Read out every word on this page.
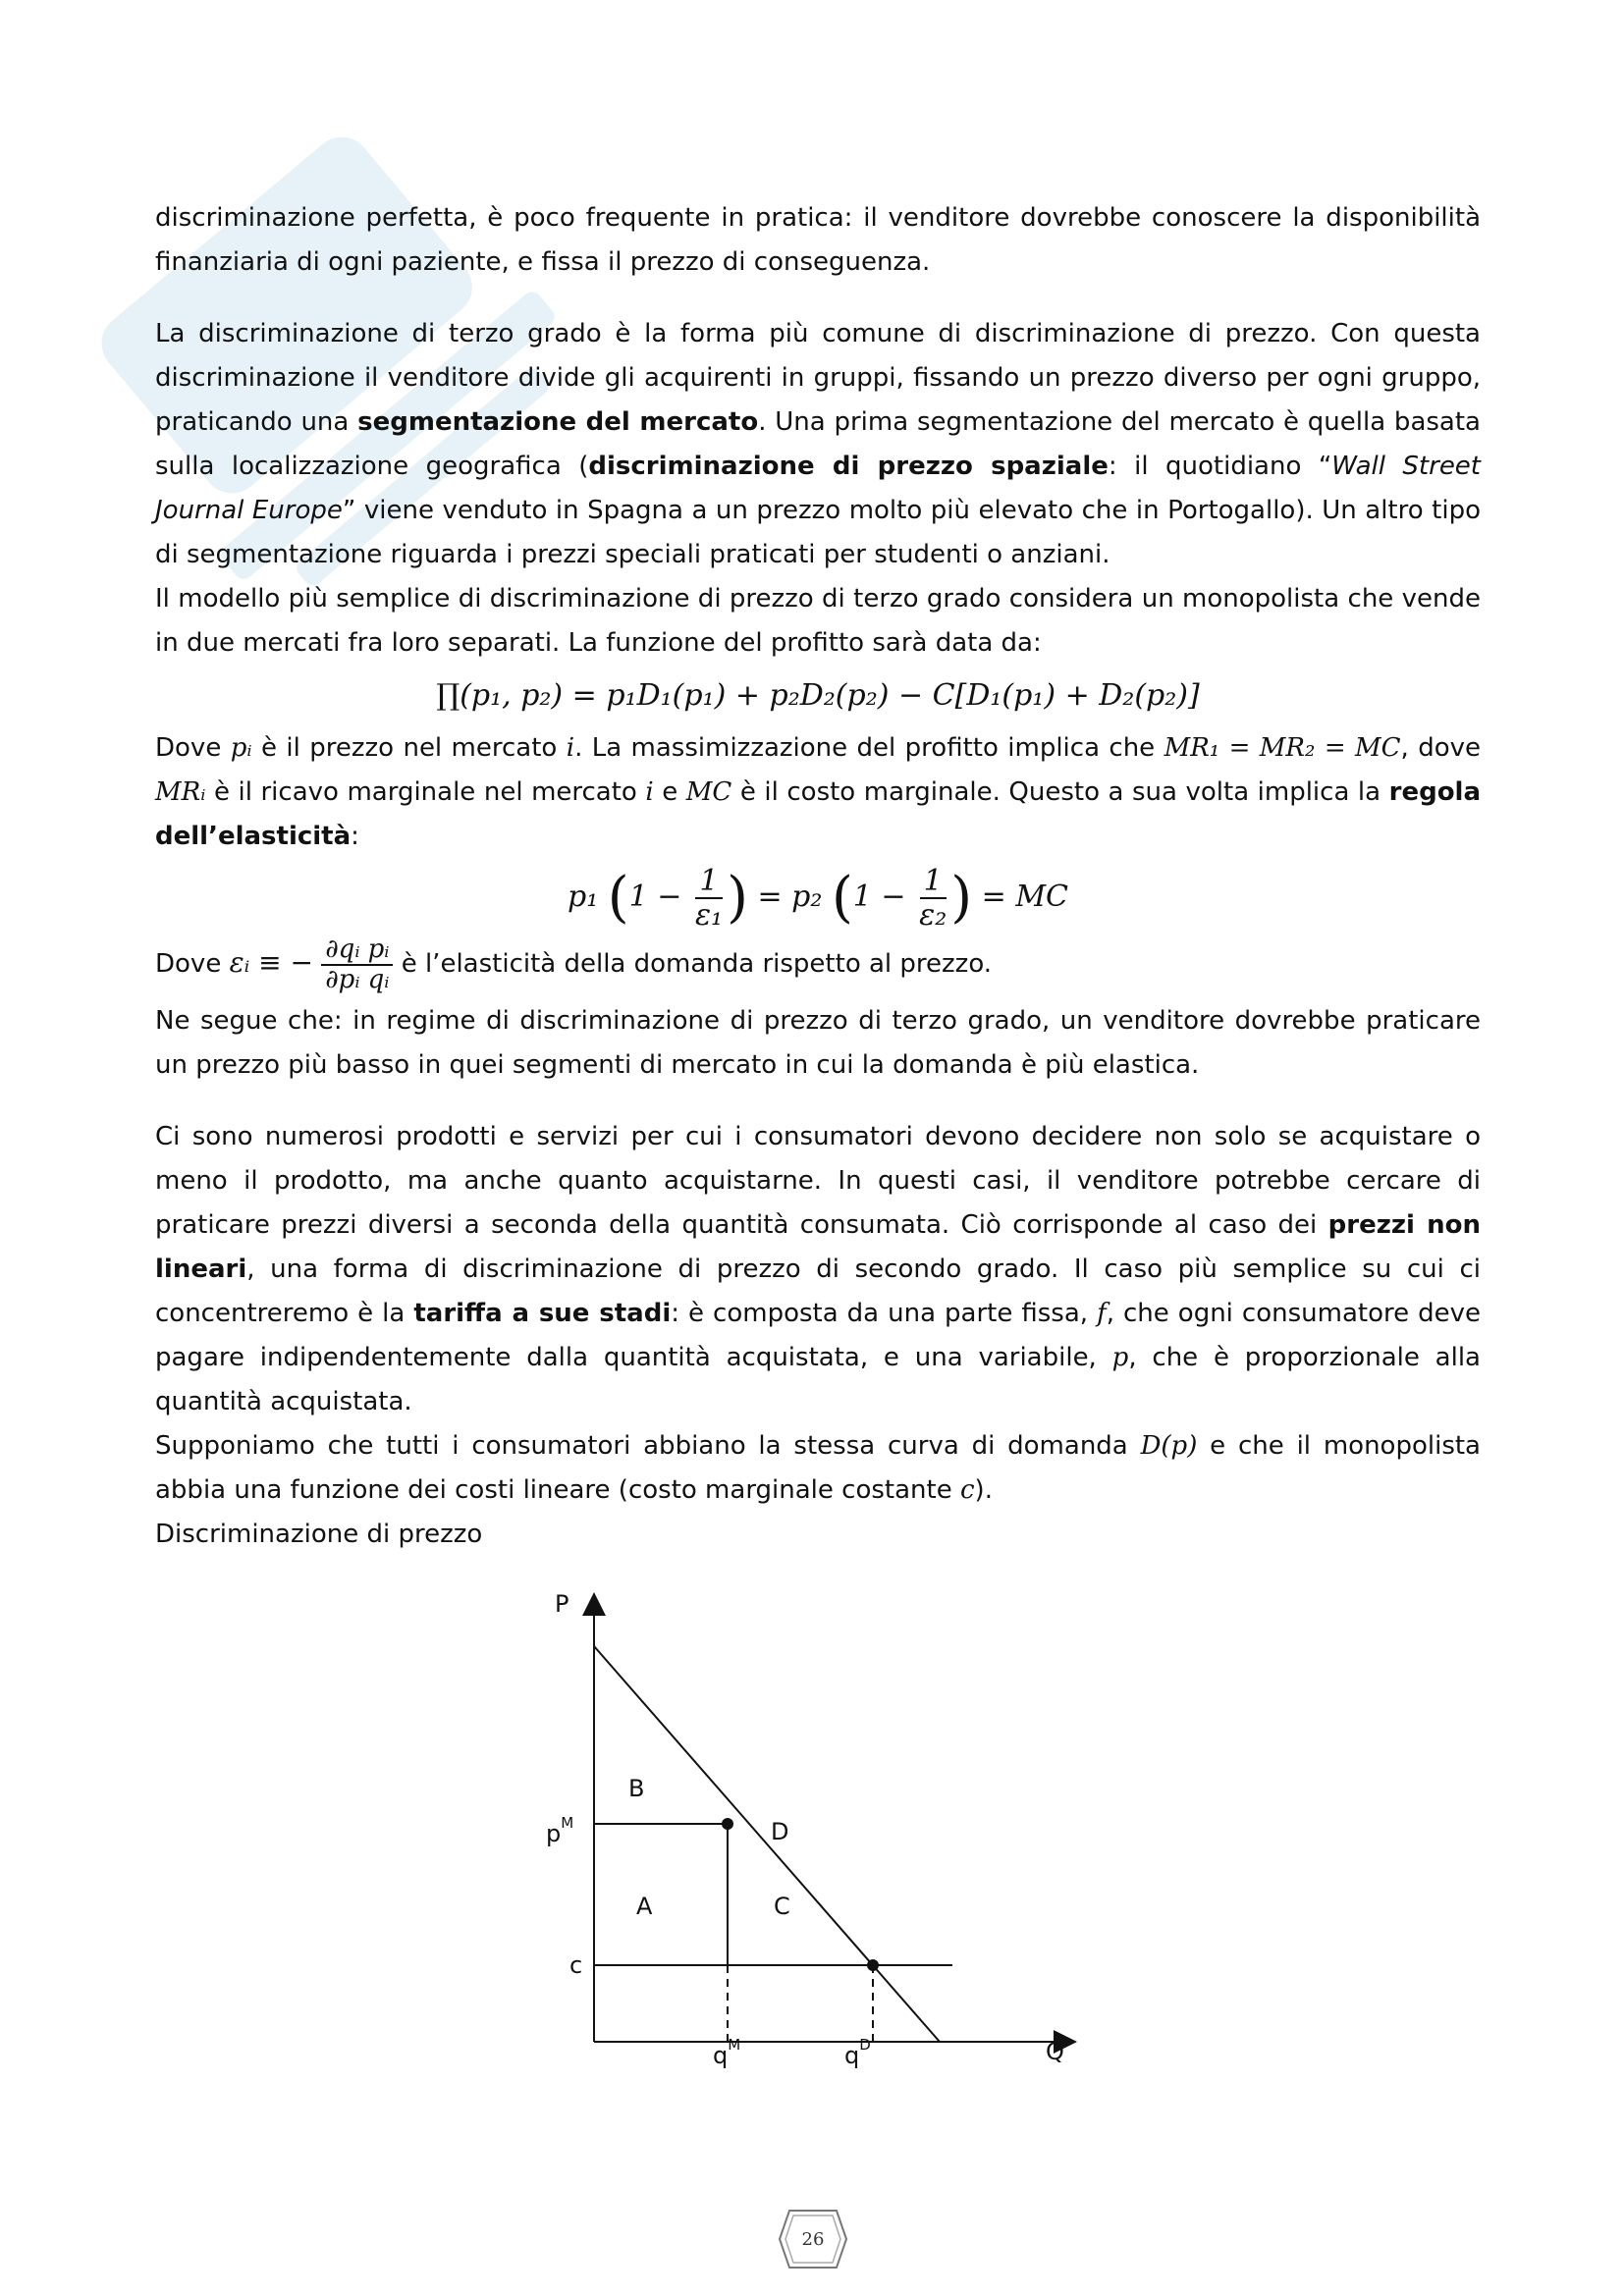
discriminazione perfetta, è poco frequente in pratica: il venditore dovrebbe conoscere la disponibilità finanziaria di ogni paziente, e fissa il prezzo di conseguenza.

La discriminazione di terzo grado è la forma più comune di discriminazione di prezzo. Con questa discriminazione il venditore divide gli acquirenti in gruppi, fissando un prezzo diverso per ogni gruppo, praticando una segmentazione del mercato. Una prima segmentazione del mercato è quella basata sulla localizzazione geografica (discriminazione di prezzo spaziale: il quotidiano “Wall Street Journal Europe” viene venduto in Spagna a un prezzo molto più elevato che in Portogallo). Un altro tipo di segmentazione riguarda i prezzi speciali praticati per studenti o anziani.

Il modello più semplice di discriminazione di prezzo di terzo grado considera un monopolista che vende in due mercati fra loro separati. La funzione del profitto sarà data da:

∏(p₁, p₂) = p₁D₁(p₁) + p₂D₂(p₂) − C[D₁(p₁) + D₂(p₂)]

Dove pᵢ è il prezzo nel mercato i. La massimizzazione del profitto implica che MR₁ = MR₂ = MC, dove MRᵢ è il ricavo marginale nel mercato i e MC è il costo marginale. Questo a sua volta implica la regola dell’elasticità:

p₁ ($1 - \frac{1}{\text{ε₁}}$ ) = p₂ ($1 - \frac{1}{\text{ε₂}}$ ) = MC

Dove εᵢ ≡ − $\frac{\text{∂qᵢ}}{\text{∂pᵢ}} \frac{\text{pᵢ}}{\text{qᵢ}}$ è l’elasticità della domanda rispetto al prezzo.

Ne segue che: in regime di discriminazione di prezzo di terzo grado, un venditore dovrebbe praticare un prezzo più basso in quei segmenti di mercato in cui la domanda è più elastica.

Ci sono numerosi prodotti e servizi per cui i consumatori devono decidere non solo se acquistare o meno il prodotto, ma anche quanto acquistarne. In questi casi, il venditore potrebbe cercare di praticare prezzi diversi a seconda della quantità consumata. Ciò corrisponde al caso dei prezzi non lineari, una forma di discriminazione di prezzo di secondo grado. Il caso più semplice su cui ci concentreremo è la tariffa a sue stadi: è composta da una parte fissa, f, che ogni consumatore deve pagare indipendentemente dalla quantità acquistata, e una variabile, p, che è proporzionale alla quantità acquistata.

Supponiamo che tutti i consumatori abbiano la stessa curva di domanda D(p) e che il monopolista abbia una funzione dei costi lineare (costo marginale costante c).

Discriminazione di prezzo

P
Q
$p^M$
c
$q^M$	$q^D$
B
A	C
D
26
